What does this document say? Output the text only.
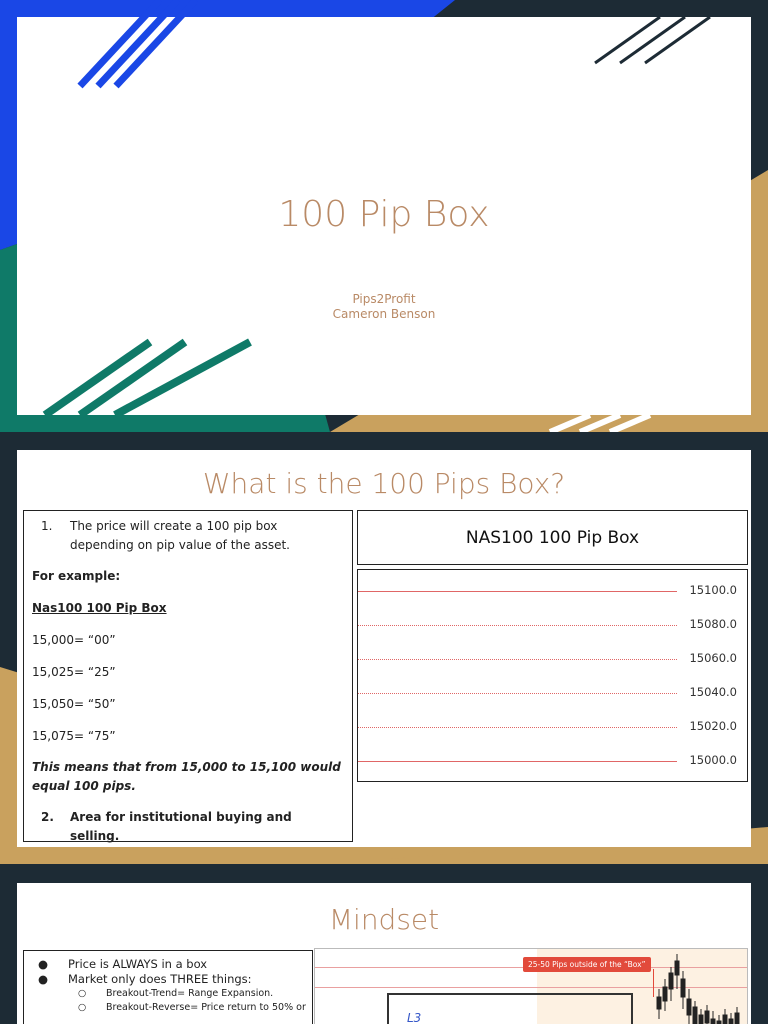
100 Pip Box
Pips2Profit
Cameron Benson
What is the 100 Pips Box?
1.	The price will create a 100 pip box depending on pip value of the asset.
For example:
Nas100 100 Pip Box
15,000= “00”
15,025= “25”
15,050= “50”
15,075= “75”
This means that from 15,000 to 15,100 would equal 100 pips.
2.	Area for institutional buying and selling.
NAS100 100 Pip Box
15100.0
15080.0
15060.0
15040.0
15020.0
15000.0
Mindset
●	Price is ALWAYS in a box
●	Market only does THREE things:
○	Breakout-Trend= Range Expansion.
○	Breakout-Reverse= Price return to 50% or
L3
25-50 Pips outside of the “Box”
